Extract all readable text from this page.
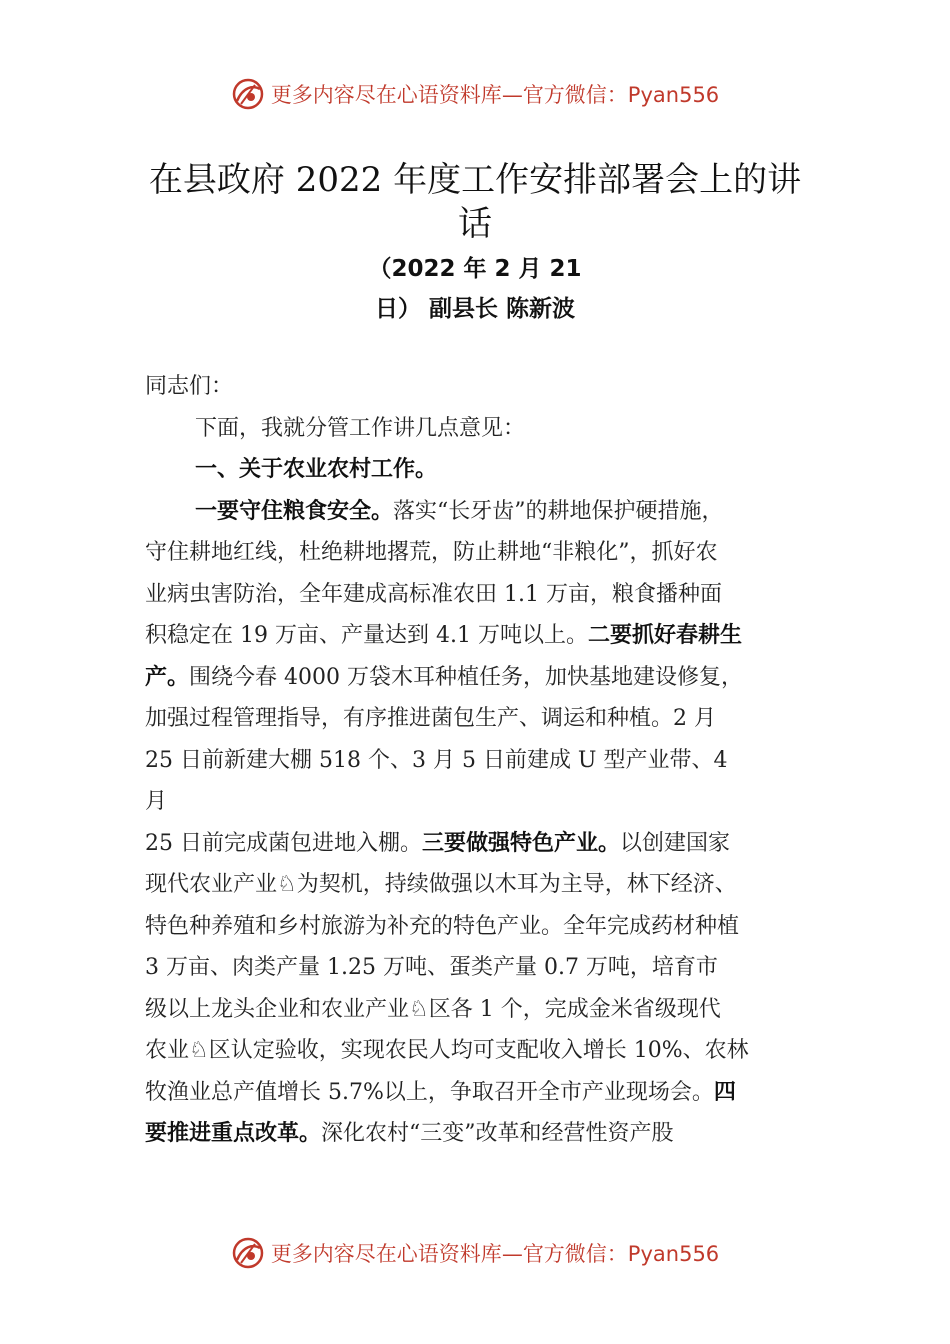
更多内容尽在心语资料库 —官方微信：Pyan556
在县政府 2022 年度工作安排部署会上的讲
话
（2022 年 2 月 21
日） 副县长 陈新波
同志们：
下面，我就分管工作讲几点意见：
一、关于农业农村工作。
一要守住粮食安全。落实“长牙齿”的耕地保护硬措施，
守住耕地红线，杜绝耕地撂荒，防止耕地“非粮化”，抓好农
业病虫害防治，全年建成高标准农田 1.1 万亩，粮食播种面
积稳定在 19 万亩、产量达到 4.1 万吨以上。二要抓好春耕生
产。围绕今春 4000 万袋木耳种植任务，加快基地建设修复，
加强过程管理指导，有序推进菌包生产、调运和种植。2 月
25 日前新建大棚 518 个、3 月 5 日前建成 U 型产业带、4
月
25 日前完成菌包进地入棚。三要做强特色产业。以创建国家
现代农业产业♘为契机，持续做强以木耳为主导，林下经济、
特色种养殖和乡村旅游为补充的特色产业。全年完成药材种植
3 万亩、肉类产量 1.25 万吨、蛋类产量 0.7 万吨，培育市
级以上龙头企业和农业产业♘区各 1 个，完成金米省级现代
农业♘区认定验收，实现农民人均可支配收入增长 10%、农林
牧渔业总产值增长 5.7%以上，争取召开全市产业现场会。四
要推进重点改革。深化农村“三变”改革和经营性资产股
更多内容尽在心语资料库 —官方微信：Pyan556
